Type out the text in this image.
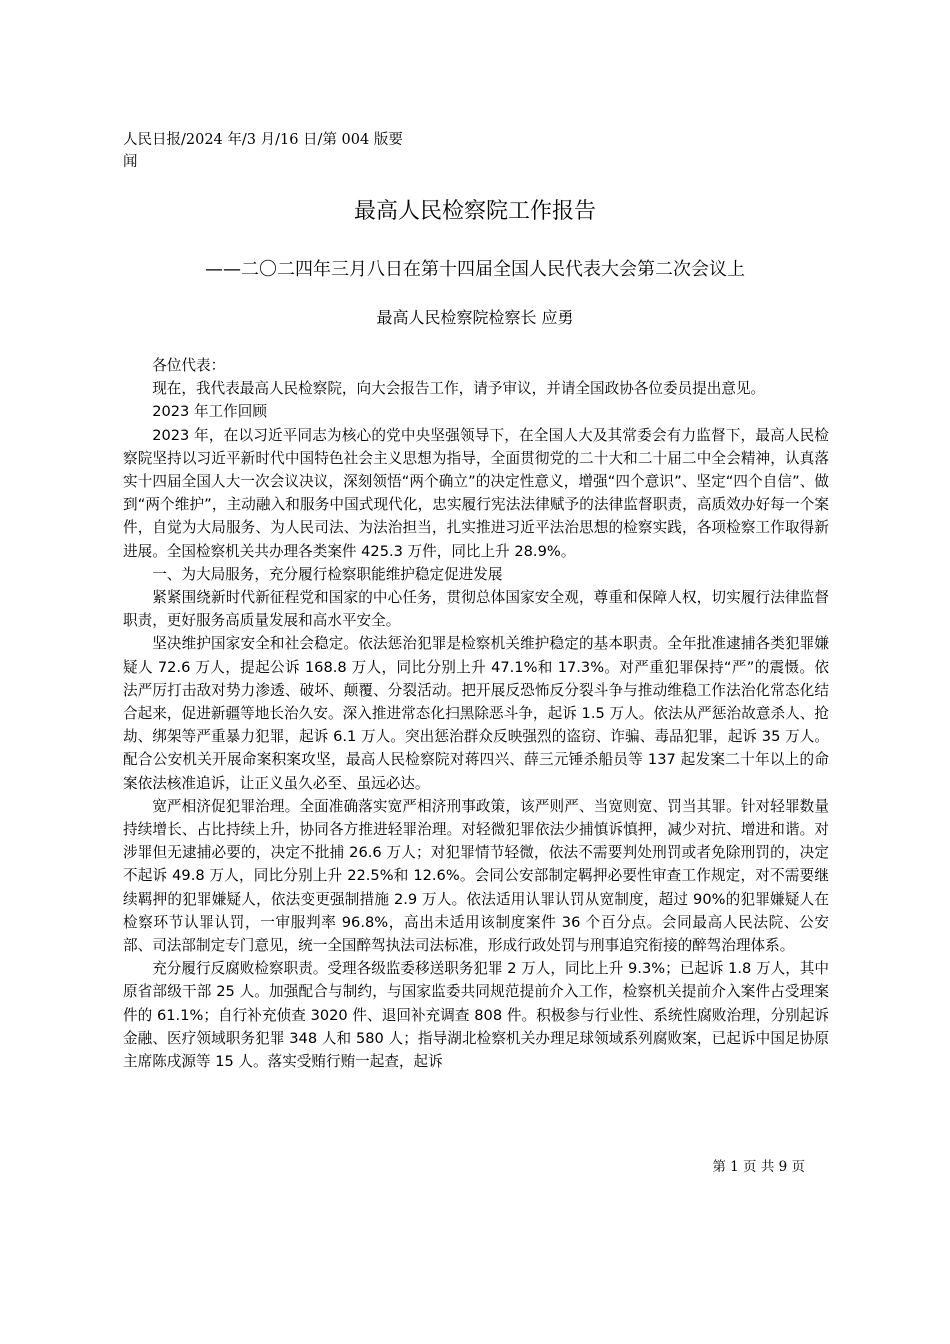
人民日报/2024 年/3 月/16 日/第 004 版要闻
最高人民检察院工作报告
——二〇二四年三月八日在第十四届全国人民代表大会第二次会议上
最高人民检察院检察长 应勇

各位代表：

现在，我代表最高人民检察院，向大会报告工作，请予审议，并请全国政协各位委员提出意见。

2023 年工作回顾

2023 年，在以习近平同志为核心的党中央坚强领导下，在全国人大及其常委会有力监督下，最高人民检察院坚持以习近平新时代中国特色社会主义思想为指导，全面贯彻党的二十大和二十届二中全会精神，认真落实十四届全国人大一次会议决议，深刻领悟“两个确立”的决定性意义，增强“四个意识”、坚定“四个自信”、做到“两个维护”，主动融入和服务中国式现代化，忠实履行宪法法律赋予的法律监督职责，高质效办好每一个案件，自觉为大局服务、为人民司法、为法治担当，扎实推进习近平法治思想的检察实践，各项检察工作取得新进展。全国检察机关共办理各类案件 425.3 万件，同比上升 28.9%。

一、为大局服务，充分履行检察职能维护稳定促进发展

紧紧围绕新时代新征程党和国家的中心任务，贯彻总体国家安全观，尊重和保障人权，切实履行法律监督职责，更好服务高质量发展和高水平安全。

坚决维护国家安全和社会稳定。依法惩治犯罪是检察机关维护稳定的基本职责。全年批准逮捕各类犯罪嫌疑人 72.6 万人，提起公诉 168.8 万人，同比分别上升 47.1%和 17.3%。对严重犯罪保持“严”的震慑。依法严厉打击敌对势力渗透、破坏、颠覆、分裂活动。把开展反恐怖反分裂斗争与推动维稳工作法治化常态化结合起来，促进新疆等地长治久安。深入推进常态化扫黑除恶斗争，起诉 1.5 万人。依法从严惩治故意杀人、抢劫、绑架等严重暴力犯罪，起诉 6.1 万人。突出惩治群众反映强烈的盗窃、诈骗、毒品犯罪，起诉 35 万人。配合公安机关开展命案积案攻坚，最高人民检察院对蒋四兴、薛三元锤杀船员等 137 起发案二十年以上的命案依法核准追诉，让正义虽久必至、虽远必达。

宽严相济促犯罪治理。全面准确落实宽严相济刑事政策，该严则严、当宽则宽、罚当其罪。针对轻罪数量持续增长、占比持续上升，协同各方推进轻罪治理。对轻微犯罪依法少捕慎诉慎押，减少对抗、增进和谐。对涉罪但无逮捕必要的，决定不批捕 26.6 万人；对犯罪情节轻微，依法不需要判处刑罚或者免除刑罚的，决定不起诉 49.8 万人，同比分别上升 22.5%和 12.6%。会同公安部制定羁押必要性审查工作规定，对不需要继续羁押的犯罪嫌疑人，依法变更强制措施 2.9 万人。依法适用认罪认罚从宽制度，超过 90%的犯罪嫌疑人在检察环节认罪认罚，一审服判率 96.8%，高出未适用该制度案件 36 个百分点。会同最高人民法院、公安部、司法部制定专门意见，统一全国醉驾执法司法标准，形成行政处罚与刑事追究衔接的醉驾治理体系。

充分履行反腐败检察职责。受理各级监委移送职务犯罪 2 万人，同比上升 9.3%；已起诉 1.8 万人，其中原省部级干部 25 人。加强配合与制约，与国家监委共同规范提前介入工作，检察机关提前介入案件占受理案件的 61.1%；自行补充侦查 3020 件、退回补充调查 808 件。积极参与行业性、系统性腐败治理，分别起诉金融、医疗领域职务犯罪 348 人和 580 人；指导湖北检察机关办理足球领域系列腐败案，已起诉中国足协原主席陈戌源等 15 人。落实受贿行贿一起查，起诉

第 1 页 共 9 页
